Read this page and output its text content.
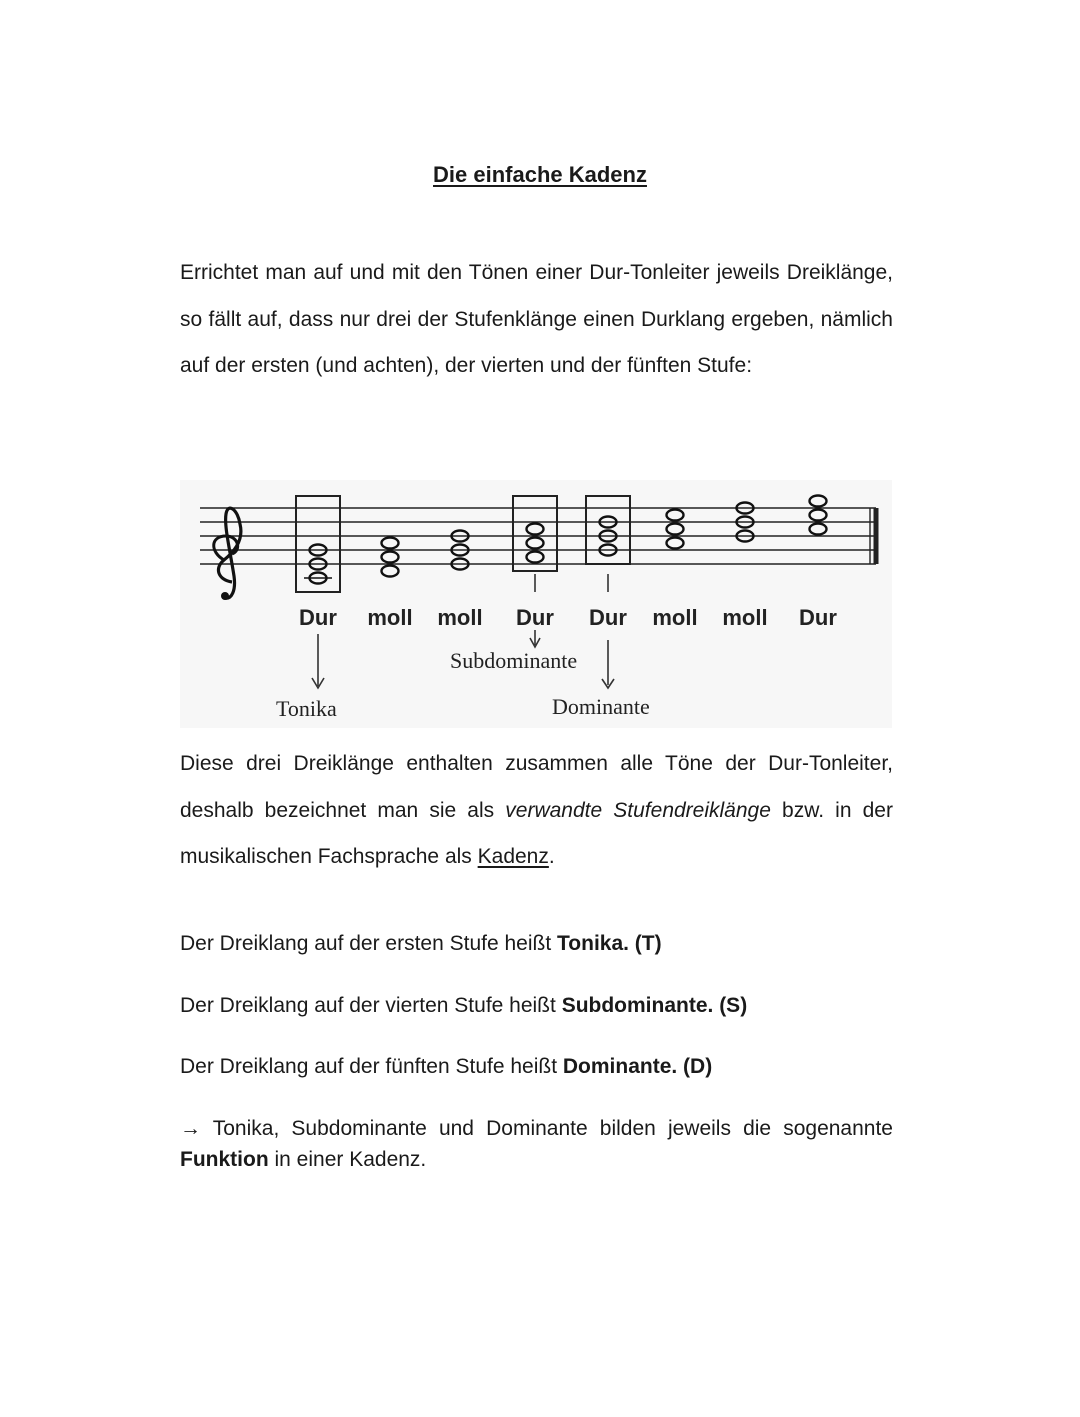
Die einfache Kadenz
Errichtet man auf und mit den Tönen einer Dur-Tonleiter jeweils Dreiklänge, so fällt auf, dass nur drei der Stufenklänge einen Durklang ergeben, nämlich auf der ersten (und achten), der vierten und der fünften Stufe:
Dur moll moll Dur Dur moll moll Dur
Tonika
Subdominante
Dominante
Diese drei Dreiklänge enthalten zusammen alle Töne der Dur-Tonleiter, deshalb bezeichnet man sie als verwandte Stufendreiklänge bzw. in der musikalischen Fachsprache als Kadenz.
Der Dreiklang auf der ersten Stufe heißt Tonika. (T)
Der Dreiklang auf der vierten Stufe heißt Subdominante. (S)
Der Dreiklang auf der fünften Stufe heißt Dominante. (D)
→ Tonika, Subdominante und Dominante bilden jeweils die sogenannte Funktion in einer Kadenz.
